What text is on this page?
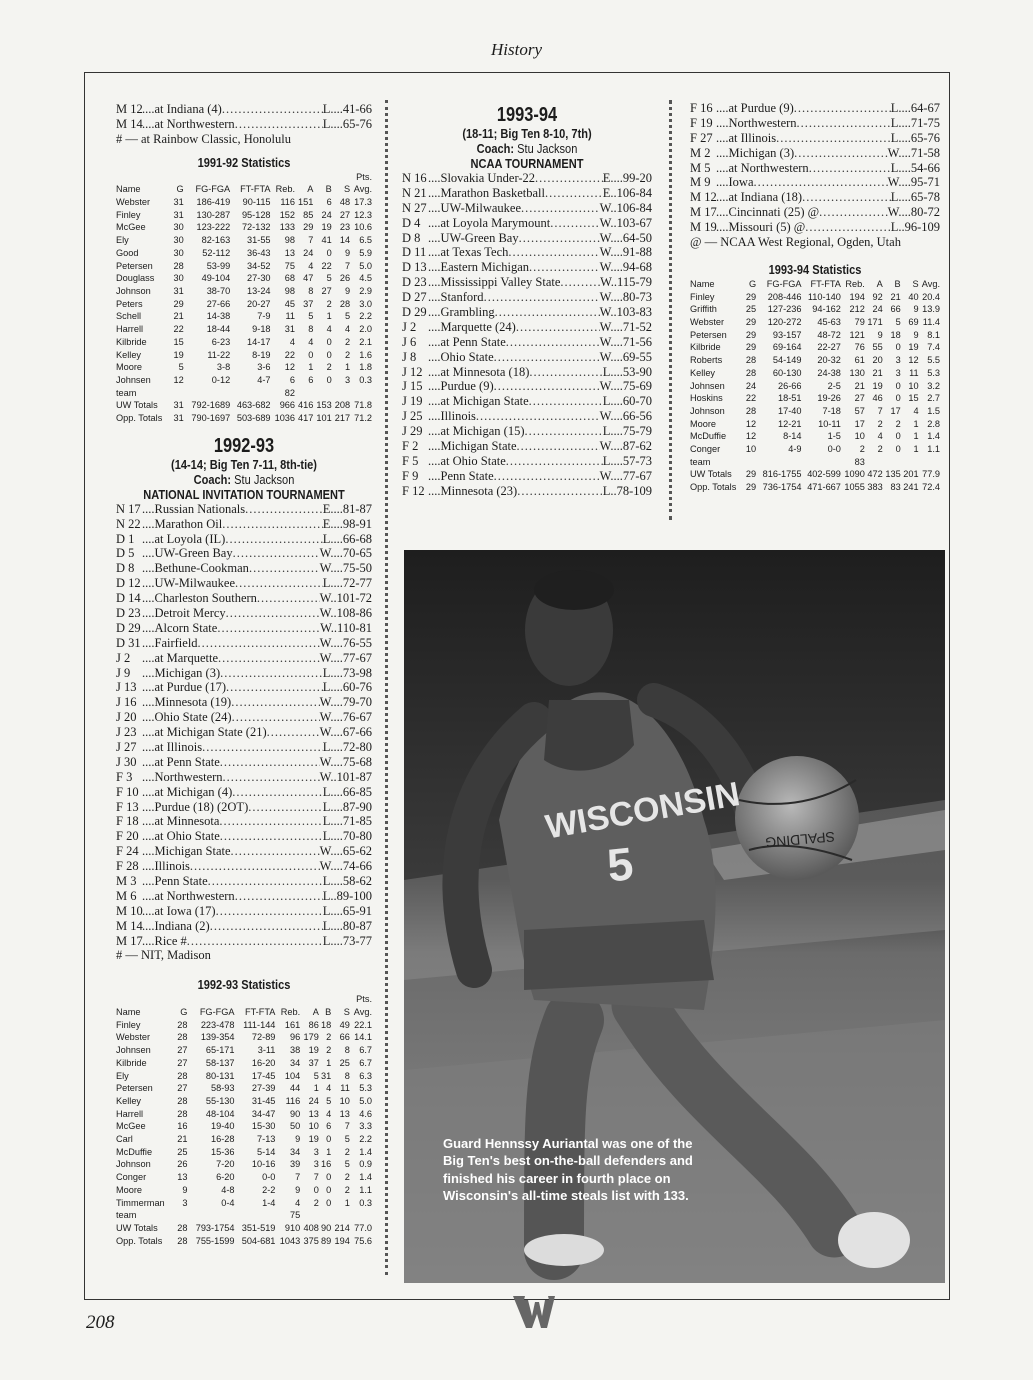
History
M 12 ....at Indiana (4) .....	L....41-66
M 14 ....at Northwestern .....	L....65-76
# — at Rainbow Classic, Honolulu
1991-92 Statistics
Pts.								
Name	G	FG-FGA	FT-FTA	Reb.	A	B	S	Avg.
Webster	31	186-419	90-115	116	151	6	48	17.3
Finley	31	130-287	95-128	152	85	24	27	12.3
McGee	30	123-222	72-132	133	29	19	23	10.6
Ely	30	82-163	31-55	98	7	41	14	6.5
Good	30	52-112	36-43	13	24	0	9	5.9
Petersen	28	53-99	34-52	75	4	22	7	5.0
Douglass	30	49-104	27-30	68	47	5	26	4.5
Johnson	31	38-70	13-24	98	8	27	9	2.9
Peters	29	27-66	20-27	45	37	2	28	3.0
Schell	21	14-38	7-9	11	5	1	5	2.2
Harrell	22	18-44	9-18	31	8	4	4	2.0
Kilbride	15	6-23	14-17	4	4	0	2	2.1
Kelley	19	11-22	8-19	22	0	0	2	1.6
Moore	5	3-8	3-6	12	1	2	1	1.8
Johnsen	12	0-12	4-7	6	6	0	3	0.3
team				82				
UW Totals	31	792-1689	463-682	966	416	153	208	71.8
Opp. Totals	31	790-1697	503-689	1036	417	101	217	71.2
1992-93
(14-14; Big Ten 7-11, 8th-tie)
Coach: Stu Jackson
NATIONAL INVITATION TOURNAMENT
N 17 ....Russian Nationals .....	E....81-87
N 22 ....Marathon Oil .....	E....98-91
D 1 ....at Loyola (IL) .....	L....66-68
D 5 ....UW-Green Bay .....	W....70-65
D 8 ....Bethune-Cookman .....	W....75-50
D 12 ....UW-Milwaukee .....	L....72-77
D 14 ....Charleston Southern .....	W..101-72
D 23 ....Detroit Mercy .....	W..108-86
D 29 ....Alcorn State .....	W..110-81
D 31 ....Fairfield .....	W....76-55
J 2 ....at Marquette .....	W....77-67
J 9 ....Michigan (3) .....	L....73-98
J 13 ....at Purdue (17) .....	L....60-76
J 16 ....Minnesota (19) .....	W....79-70
J 20 ....Ohio State (24) .....	W....76-67
J 23 ....at Michigan State (21) .....	W....67-66
J 27 ....at Illinois .....	L....72-80
J 30 ....at Penn State .....	W....75-68
F 3 ....Northwestern .....	W..101-87
F 10 ....at Michigan (4) .....	L....66-85
F 13 ....Purdue (18) (2OT) .....	L....87-90
F 18 ....at Minnesota .....	L....71-85
F 20 ....at Ohio State .....	L....70-80
F 24 ....Michigan State .....	W....65-62
F 28 ....Illinois .....	W....74-66
M 3 ....Penn State .....	L....58-62
M 6 ....at Northwestern .....	L..89-100
M 10 ....at Iowa (17) .....	L....65-91
M 14 ....Indiana (2) .....	L....80-87
M 17 ....Rice # .....	L....73-77
# — NIT, Madison
1992-93 Statistics
Pts.								
Name	G	FG-FGA	FT-FTA	Reb.	A	B	S	Avg.
Finley	28	223-478	111-144	161	86	18	49	22.1
Webster	28	139-354	72-89	96	179	2	66	14.1
Johnsen	27	65-171	3-11	38	19	2	8	6.7
Kilbride	27	58-137	16-20	34	37	1	25	6.7
Ely	28	80-131	17-45	104	5	31	8	6.3
Petersen	27	58-93	27-39	44	1	4	11	5.3
Kelley	28	55-130	31-45	116	24	5	10	5.0
Harrell	28	48-104	34-47	90	13	4	13	4.6
McGee	16	19-40	15-30	50	10	6	7	3.3
Carl	21	16-28	7-13	9	19	0	5	2.2
McDuffie	25	15-36	5-14	34	3	1	2	1.4
Johnson	26	7-20	10-16	39	3	16	5	0.9
Conger	13	6-20	0-0	7	7	0	2	1.4
Moore	9	4-8	2-2	9	0	0	2	1.1
Timmerman	3	0-4	1-4	4	2	0	1	0.3
team				75				
UW Totals	28	793-1754	351-519	910	408	90	214	77.0
Opp. Totals	28	755-1599	504-681	1043	375	89	194	75.6
1993-94
(18-11; Big Ten 8-10, 7th)
Coach: Stu Jackson
NCAA TOURNAMENT
N 16 ....Slovakia Under-22 .....	E....99-20
N 21 ....Marathon Basketball .....	E..106-84
N 27 ....UW-Milwaukee .....	W..106-84
D 4 ....at Loyola Marymount .....	W..103-67
D 8 ....UW-Green Bay .....	W....64-50
D 11 ....at Texas Tech .....	W....91-88
D 13 ....Eastern Michigan .....	W....94-68
D 23 ....Mississippi Valley State .....	W..115-79
D 27 ....Stanford .....	W....80-73
D 29 ....Grambling .....	W..103-83
J 2 ....Marquette (24) .....	W....71-52
J 6 ....at Penn State .....	W....71-56
J 8 ....Ohio State .....	W....69-55
J 12 ....at Minnesota (18) .....	L....53-90
J 15 ....Purdue (9) .....	W....75-69
J 19 ....at Michigan State .....	L....60-70
J 25 ....Illinois .....	W....66-56
J 29 ....at Michigan (15) .....	L....75-79
F 2 ....Michigan State .....	W....87-62
F 5 ....at Ohio State .....	L....57-73
F 9 ....Penn State .....	W....77-67
F 12 ....Minnesota (23) .....	L..78-109
F 16 ....at Purdue (9) .....	L....64-67
F 19 ....Northwestern .....	L....71-75
F 27 ....at Illinois .....	L....65-76
M 2 ....Michigan (3) .....	W....71-58
M 5 ....at Northwestern .....	L....54-66
M 9 ....Iowa .....	W....95-71
M 12 ....at Indiana (18) .....	L....65-78
M 17 ....Cincinnati (25) @ .....	W....80-72
M 19 ....Missouri (5) @ .....	L..96-109
@ — NCAA West Regional, Ogden, Utah
1993-94 Statistics
Name	G	FG-FGA	FT-FTA	Reb.	A	B	S	Avg.
Finley	29	208-446	110-140	194	92	21	40	20.4
Griffith	25	127-236	94-162	212	24	66	9	13.9
Webster	29	120-272	45-63	79	171	5	69	11.4
Petersen	29	93-157	48-72	121	9	18	9	8.1
Kilbride	29	69-164	22-27	76	55	0	19	7.4
Roberts	28	54-149	20-32	61	20	3	12	5.5
Kelley	28	60-130	24-38	130	21	3	11	5.3
Johnsen	24	26-66	2-5	21	19	0	10	3.2
Hoskins	22	18-51	19-26	27	46	0	15	2.7
Johnson	28	17-40	7-18	57	7	17	4	1.5
Moore	12	12-21	10-11	17	2	2	1	2.8
McDuffie	12	8-14	1-5	10	4	0	1	1.4
Conger	10	4-9	0-0	2	2	0	1	1.1
team				83				
UW Totals	29	816-1755	402-599	1090	472	135	201	77.9
Opp. Totals	29	736-1754	471-667	1055	383	83	241	72.4
SPALDING
WISCONSIN
5
Guard Hennssy Auriantal was one of the Big Ten's best on-the-ball defenders and finished his career in fourth place on Wisconsin's all-time steals list with 133.
208
